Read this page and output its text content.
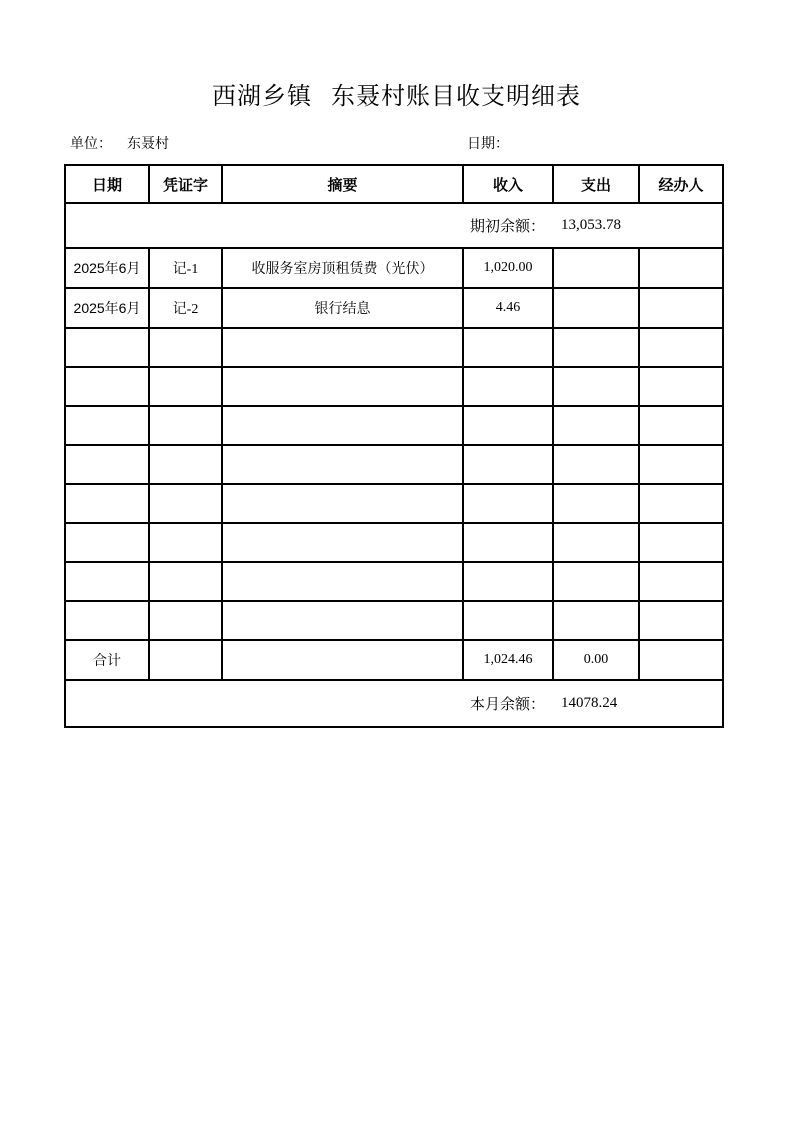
西湖乡镇 东聂村账目收支明细表
单位： 东聂村	日期：
日期	凭证字	摘要	收入	支出	经办人

期初余额： 13,053.78					

2025年6月	记-1	收服务室房顶租赁费（光伏）	1,020.00		
2025年6月	记-2	银行结息	4.46		

合计			1,024.46	0.00	

本月余额： 14078.24					
